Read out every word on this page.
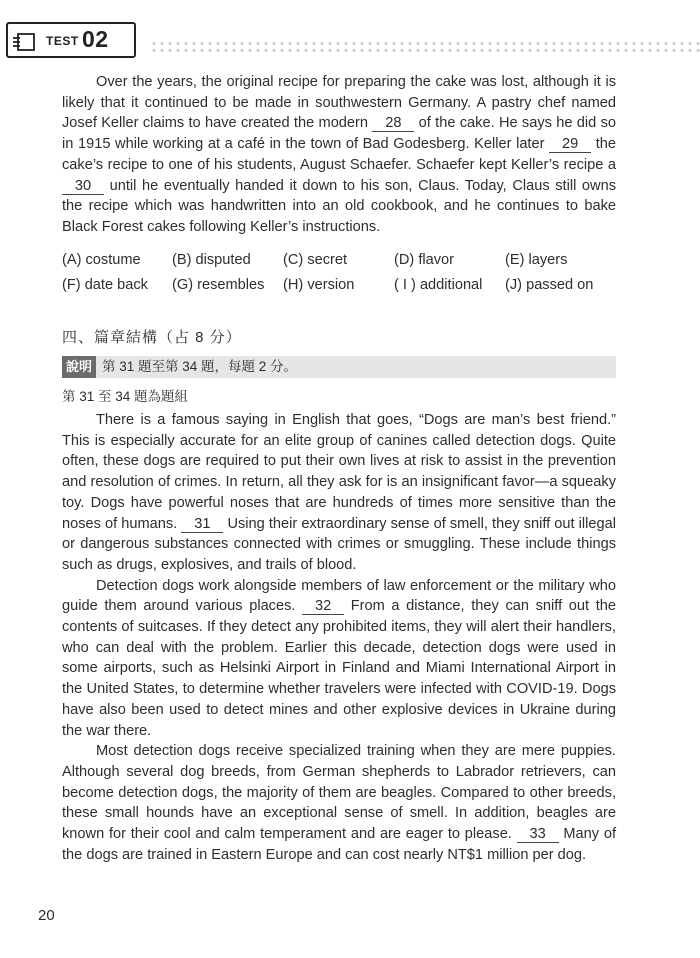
TEST 02

Over the years, the original recipe for preparing the cake was lost, although it is likely that it continued to be made in southwestern Germany. A pastry chef named Josef Keller claims to have created the modern 28 of the cake. He says he did so in 1915 while working at a café in the town of Bad Godesberg. Keller later 29 the cake’s recipe to one of his students, August Schaefer. Schaefer kept Keller’s recipe a 30 until he eventually handed it down to his son, Claus. Today, Claus still owns the recipe which was handwritten into an old cookbook, and he continues to bake Black Forest cakes following Keller’s instructions.

(A) costume	(B) disputed	(C) secret	(D) flavor	(E) layers
(F) date back	(G) resembles	(H) version	( I ) additional	(J) passed on
四、篇章結構（占 8 分）
說明 第 31 題至第 34 題，每題 2 分。
第 31 至 34 題為題組

There is a famous saying in English that goes, “Dogs are man’s best friend.” This is especially accurate for an elite group of canines called detection dogs. Quite often, these dogs are required to put their own lives at risk to assist in the prevention and resolution of crimes. In return, all they ask for is an insignificant favor—a squeaky toy. Dogs have powerful noses that are hundreds of times more sensitive than the noses of humans. 31 Using their extraordinary sense of smell, they sniff out illegal or dangerous substances connected with crimes or smuggling. These include things such as drugs, explosives, and trails of blood.

Detection dogs work alongside members of law enforcement or the military who guide them around various places. 32 From a distance, they can sniff out the contents of suitcases. If they detect any prohibited items, they will alert their handlers, who can deal with the problem. Earlier this decade, detection dogs were used in some airports, such as Helsinki Airport in Finland and Miami International Airport in the United States, to determine whether travelers were infected with COVID-19. Dogs have also been used to detect mines and other explosive devices in Ukraine during the war there.

Most detection dogs receive specialized training when they are mere puppies. Although several dog breeds, from German shepherds to Labrador retrievers, can become detection dogs, the majority of them are beagles. Compared to other breeds, these small hounds have an exceptional sense of smell. In addition, beagles are known for their cool and calm temperament and are eager to please. 33 Many of the dogs are trained in Eastern Europe and can cost nearly NT$1 million per dog.

20
